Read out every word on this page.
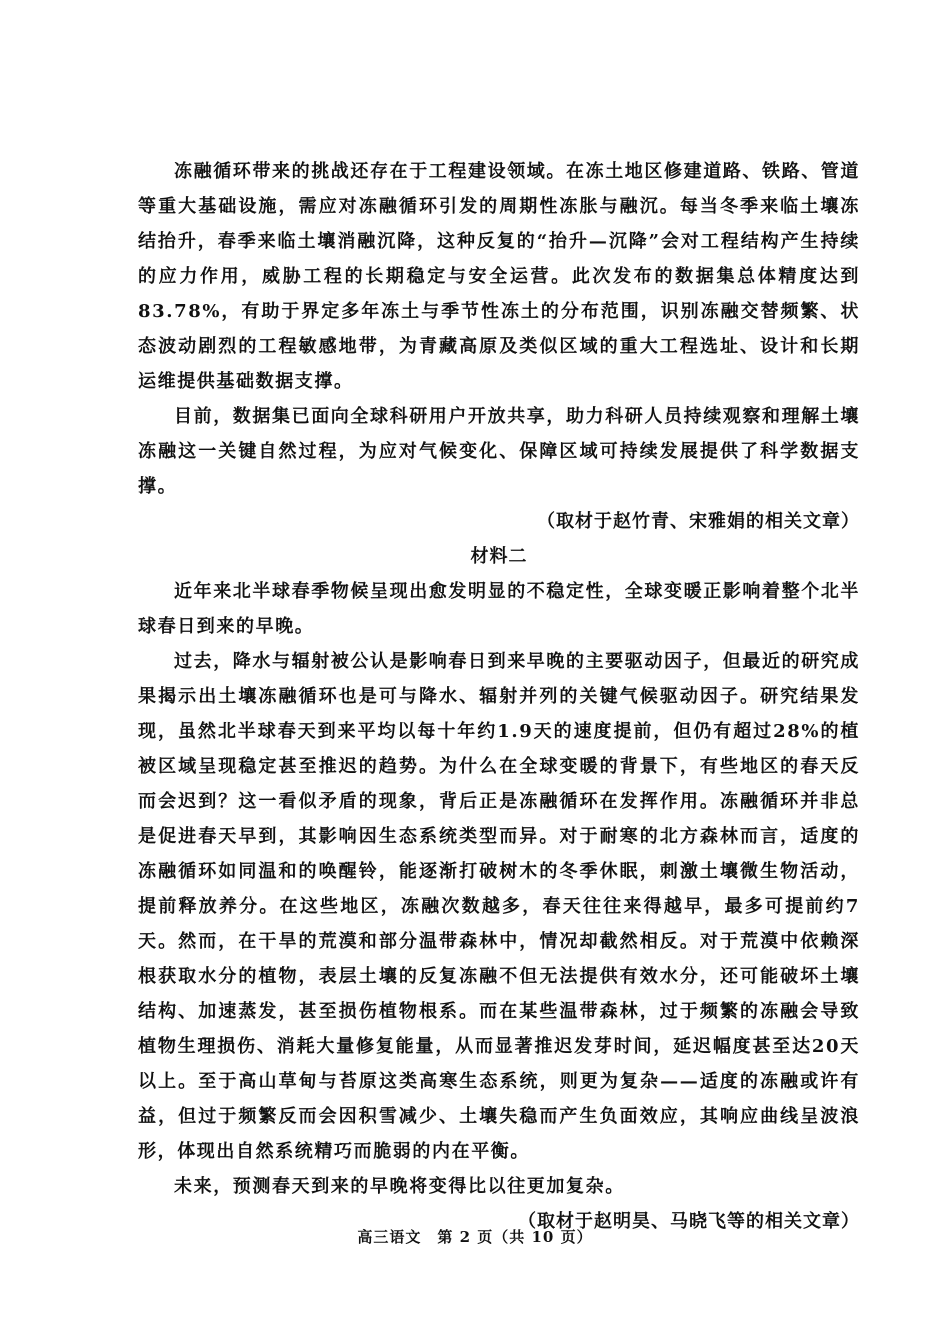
冻融循环带来的挑战还存在于工程建设领域。在冻土地区修建道路、铁路、管道等重大基础设施，需应对冻融循环引发的周期性冻胀与融沉。每当冬季来临土壤冻结抬升，春季来临土壤消融沉降，这种反复的“抬升—沉降”会对工程结构产生持续的应力作用，威胁工程的长期稳定与安全运营。此次发布的数据集总体精度达到83.78%，有助于界定多年冻土与季节性冻土的分布范围，识别冻融交替频繁、状态波动剧烈的工程敏感地带，为青藏高原及类似区域的重大工程选址、设计和长期运维提供基础数据支撑。

目前，数据集已面向全球科研用户开放共享，助力科研人员持续观察和理解土壤冻融这一关键自然过程，为应对气候变化、保障区域可持续发展提供了科学数据支撑。

（取材于赵竹青、宋雅娟的相关文章）

材料二

近年来北半球春季物候呈现出愈发明显的不稳定性，全球变暖正影响着整个北半球春日到来的早晚。

过去，降水与辐射被公认是影响春日到来早晚的主要驱动因子，但最近的研究成果揭示出土壤冻融循环也是可与降水、辐射并列的关键气候驱动因子。研究结果发现，虽然北半球春天到来平均以每十年约1.9天的速度提前，但仍有超过28%的植被区域呈现稳定甚至推迟的趋势。为什么在全球变暖的背景下，有些地区的春天反而会迟到？这一看似矛盾的现象，背后正是冻融循环在发挥作用。冻融循环并非总是促进春天早到，其影响因生态系统类型而异。对于耐寒的北方森林而言，适度的冻融循环如同温和的唤醒铃，能逐渐打破树木的冬季休眠，刺激土壤微生物活动，提前释放养分。在这些地区，冻融次数越多，春天往往来得越早，最多可提前约7天。然而，在干旱的荒漠和部分温带森林中，情况却截然相反。对于荒漠中依赖深根获取水分的植物，表层土壤的反复冻融不但无法提供有效水分，还可能破坏土壤结构、加速蒸发，甚至损伤植物根系。而在某些温带森林，过于频繁的冻融会导致植物生理损伤、消耗大量修复能量，从而显著推迟发芽时间，延迟幅度甚至达20天以上。至于高山草甸与苔原这类高寒生态系统，则更为复杂——适度的冻融或许有益，但过于频繁反而会因积雪减少、土壤失稳而产生负面效应，其响应曲线呈波浪形，体现出自然系统精巧而脆弱的内在平衡。

未来，预测春天到来的早晚将变得比以往更加复杂。

（取材于赵明昊、马晓飞等的相关文章）

高三语文　第 2 页（共 10 页）
